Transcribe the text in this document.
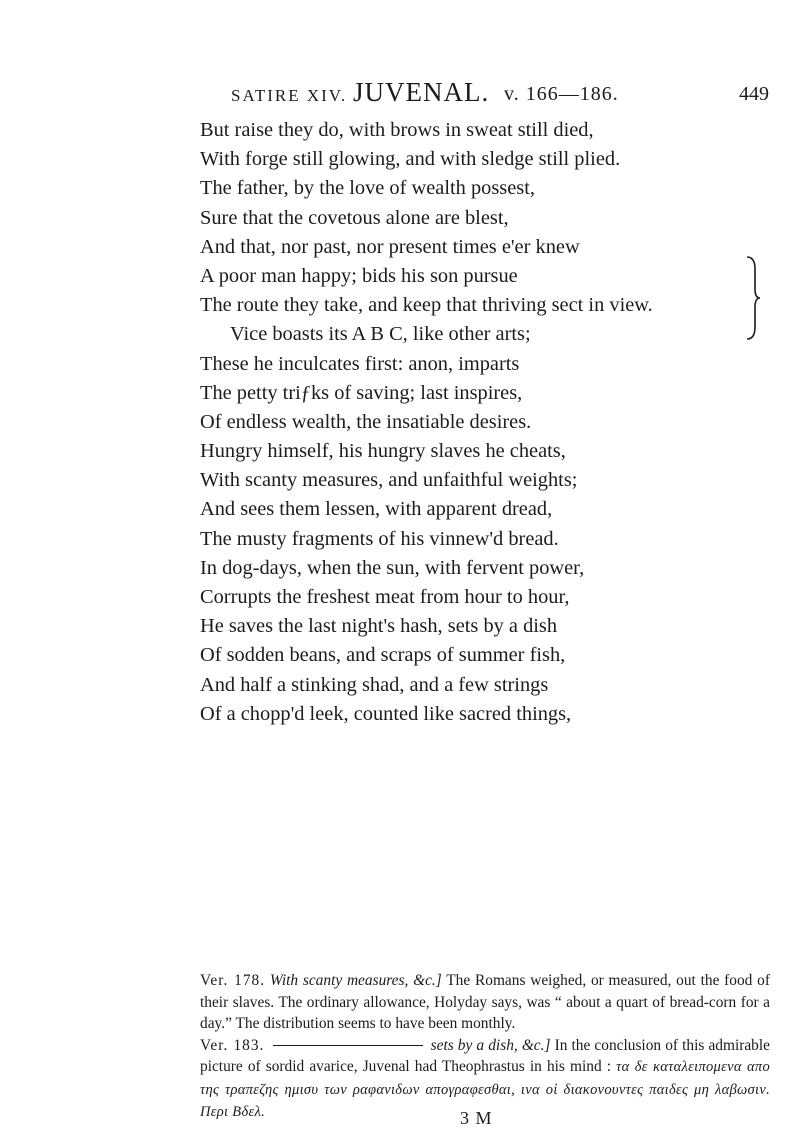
SATIRE XIV. JUVENAL. v. 166—186.	449
But raise they do, with brows in sweat still died,
With forge still glowing, and with sledge still plied.
The father, by the love of wealth possest,
Sure that the covetous alone are blest,
And that, nor past, nor present times e'er knew
A poor man happy; bids his son pursue
The route they take, and keep that thriving sect in view.
Vice boasts its A B C, like other arts;
These he inculcates first: anon, imparts
The petty triƒks of saving; last inspires,
Of endless wealth, the insatiable desires.
Hungry himself, his hungry slaves he cheats,
With scanty measures, and unfaithful weights;
And sees them lessen, with apparent dread,
The musty fragments of his vinnew'd bread.
In dog-days, when the sun, with fervent power,
Corrupts the freshest meat from hour to hour,
He saves the last night's hash, sets by a dish
Of sodden beans, and scraps of summer fish,
And half a stinking shad, and a few strings
Of a chopp'd leek, counted like sacred things,
Ver. 178. With scanty measures, &c.] The Romans weighed, or measured, out the food of their slaves. The ordinary allowance, Holyday says, was “ about a quart of bread-corn for a day.” The distribution seems to have been monthly.
Ver. 183.	sets by a dish, &c.] In the conclusion of this admirable picture of sordid avarice, Juvenal had Theophrastus in his mind : τα δε καταλειπομενα απο της τραπεζης ημισυ των ραφανιδων απογραφεσθαι, ινα οἱ διακονουντες παιδες μη λαβωσιν. Περι Βδελ.	3 M
